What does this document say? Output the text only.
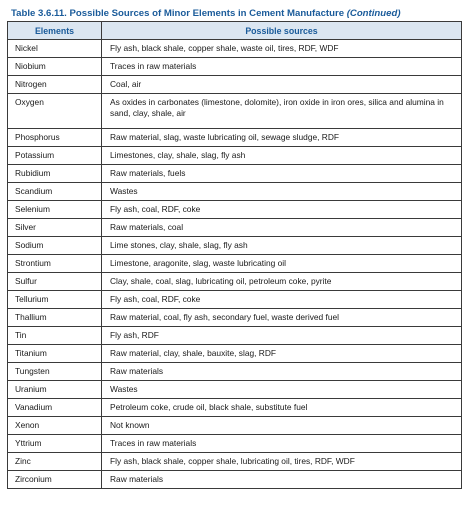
Table 3.6.11. Possible Sources of Minor Elements in Cement Manufacture (Continued)
Elements	Possible sources
Nickel	Fly ash, black shale, copper shale, waste oil, tires, RDF, WDF
Niobium	Traces in raw materials
Nitrogen	Coal, air
Oxygen	As oxides in carbonates (limestone, dolomite), iron oxide in iron ores, silica and alumina in sand, clay, shale, air
Phosphorus	Raw material, slag, waste lubricating oil, sewage sludge, RDF
Potassium	Limestones, clay, shale, slag, fly ash
Rubidium	Raw materials, fuels
Scandium	Wastes
Selenium	Fly ash, coal, RDF, coke
Silver	Raw materials, coal
Sodium	Lime stones, clay, shale, slag, fly ash
Strontium	Limestone, aragonite, slag, waste lubricating oil
Sulfur	Clay, shale, coal, slag, lubricating oil, petroleum coke, pyrite
Tellurium	Fly ash, coal, RDF, coke
Thallium	Raw material, coal, fly ash, secondary fuel, waste derived fuel
Tin	Fly ash, RDF
Titanium	Raw material, clay, shale, bauxite, slag, RDF
Tungsten	Raw materials
Uranium	Wastes
Vanadium	Petroleum coke, crude oil, black shale, substitute fuel
Xenon	Not known
Yttrium	Traces in raw materials
Zinc	Fly ash, black shale, copper shale, lubricating oil, tires, RDF, WDF
Zirconium	Raw materials
